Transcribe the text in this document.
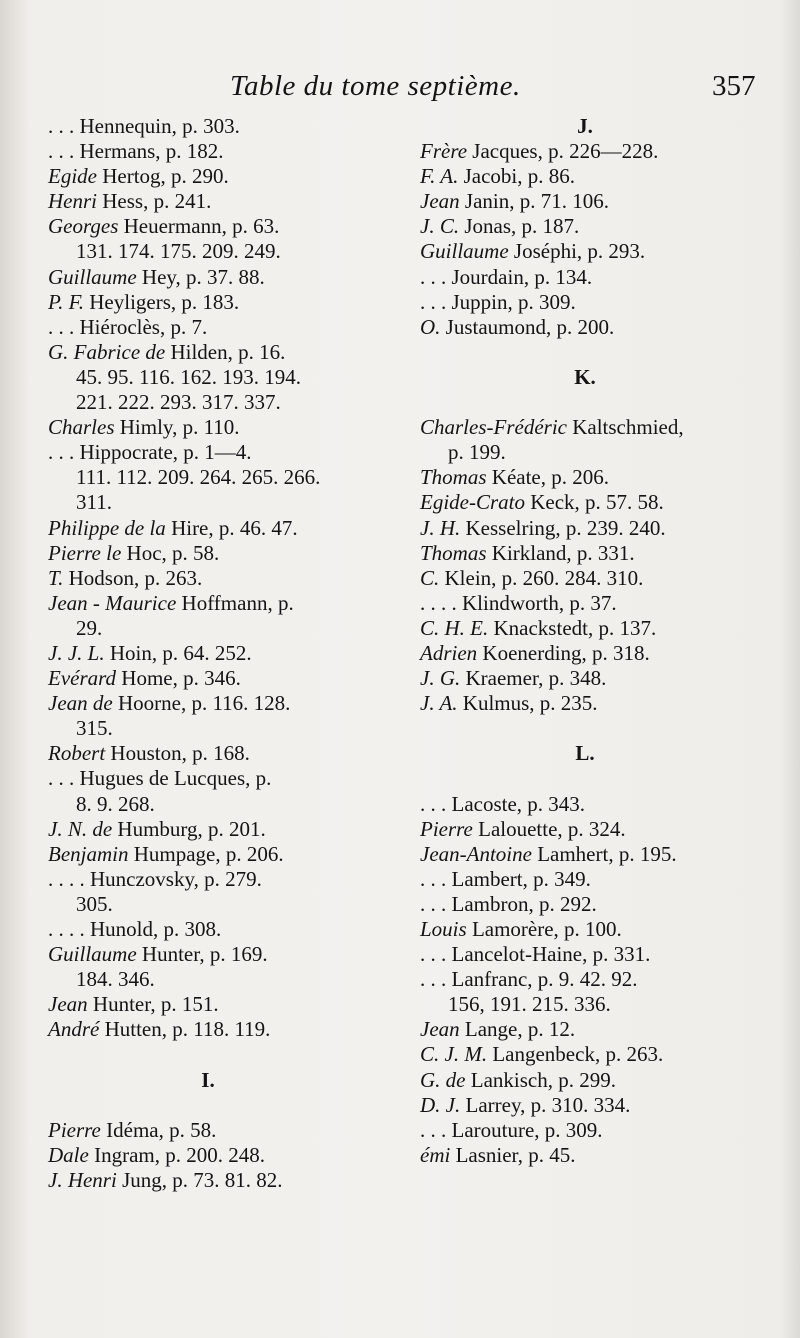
Table du tome septième.	357
. . . Hennequin, p. 303.
. . . Hermans, p. 182.
Egide Hertog, p. 290.
Henri Hess, p. 241.
Georges Heuermann, p. 63.
131. 174. 175. 209. 249.
Guillaume Hey, p. 37. 88.
P. F. Heyligers, p. 183.
. . . Hiéroclès, p. 7.
G. Fabrice de Hilden, p. 16.
45. 95. 116. 162. 193. 194.
221. 222. 293. 317. 337.
Charles Himly, p. 110.
. . . Hippocrate, p. 1—4.
111. 112. 209. 264. 265. 266.
311.
Philippe de la Hire, p. 46. 47.
Pierre le Hoc, p. 58.
T. Hodson, p. 263.
Jean - Maurice Hoffmann, p.
29.
J. J. L. Hoin, p. 64. 252.
Evérard Home, p. 346.
Jean de Hoorne, p. 116. 128.
315.
Robert Houston, p. 168.
. . . Hugues de Lucques, p.
8. 9. 268.
J. N. de Humburg, p. 201.
Benjamin Humpage, p. 206.
. . . . Hunczovsky, p. 279.
305.
. . . . Hunold, p. 308.
Guillaume Hunter, p. 169.
184. 346.
Jean Hunter, p. 151.
André Hutten, p. 118. 119.
I.
Pierre Idéma, p. 58.
Dale Ingram, p. 200. 248.
J. Henri Jung, p. 73. 81. 82.
J.
Frère Jacques, p. 226—228.
F. A. Jacobi, p. 86.
Jean Janin, p. 71. 106.
J. C. Jonas, p. 187.
Guillaume Joséphi, p. 293.
. . . Jourdain, p. 134.
. . . Juppin, p. 309.
O. Justaumond, p. 200.
K.
Charles-Frédéric Kaltschmied,
p. 199.
Thomas Kéate, p. 206.
Egide-Crato Keck, p. 57. 58.
J. H. Kesselring, p. 239. 240.
Thomas Kirkland, p. 331.
C. Klein, p. 260. 284. 310.
. . . . Klindworth, p. 37.
C. H. E. Knackstedt, p. 137.
Adrien Koenerding, p. 318.
J. G. Kraemer, p. 348.
J. A. Kulmus, p. 235.
L.
. . . Lacoste, p. 343.
Pierre Lalouette, p. 324.
Jean-Antoine Lamhert, p. 195.
. . . Lambert, p. 349.
. . . Lambron, p. 292.
Louis Lamorère, p. 100.
. . . Lancelot-Haine, p. 331.
. . . Lanfranc, p. 9. 42. 92.
156, 191. 215. 336.
Jean Lange, p. 12.
C. J. M. Langenbeck, p. 263.
G. de Lankisch, p. 299.
D. J. Larrey, p. 310. 334.
. . . Larouture, p. 309.
émi Lasnier, p. 45.
